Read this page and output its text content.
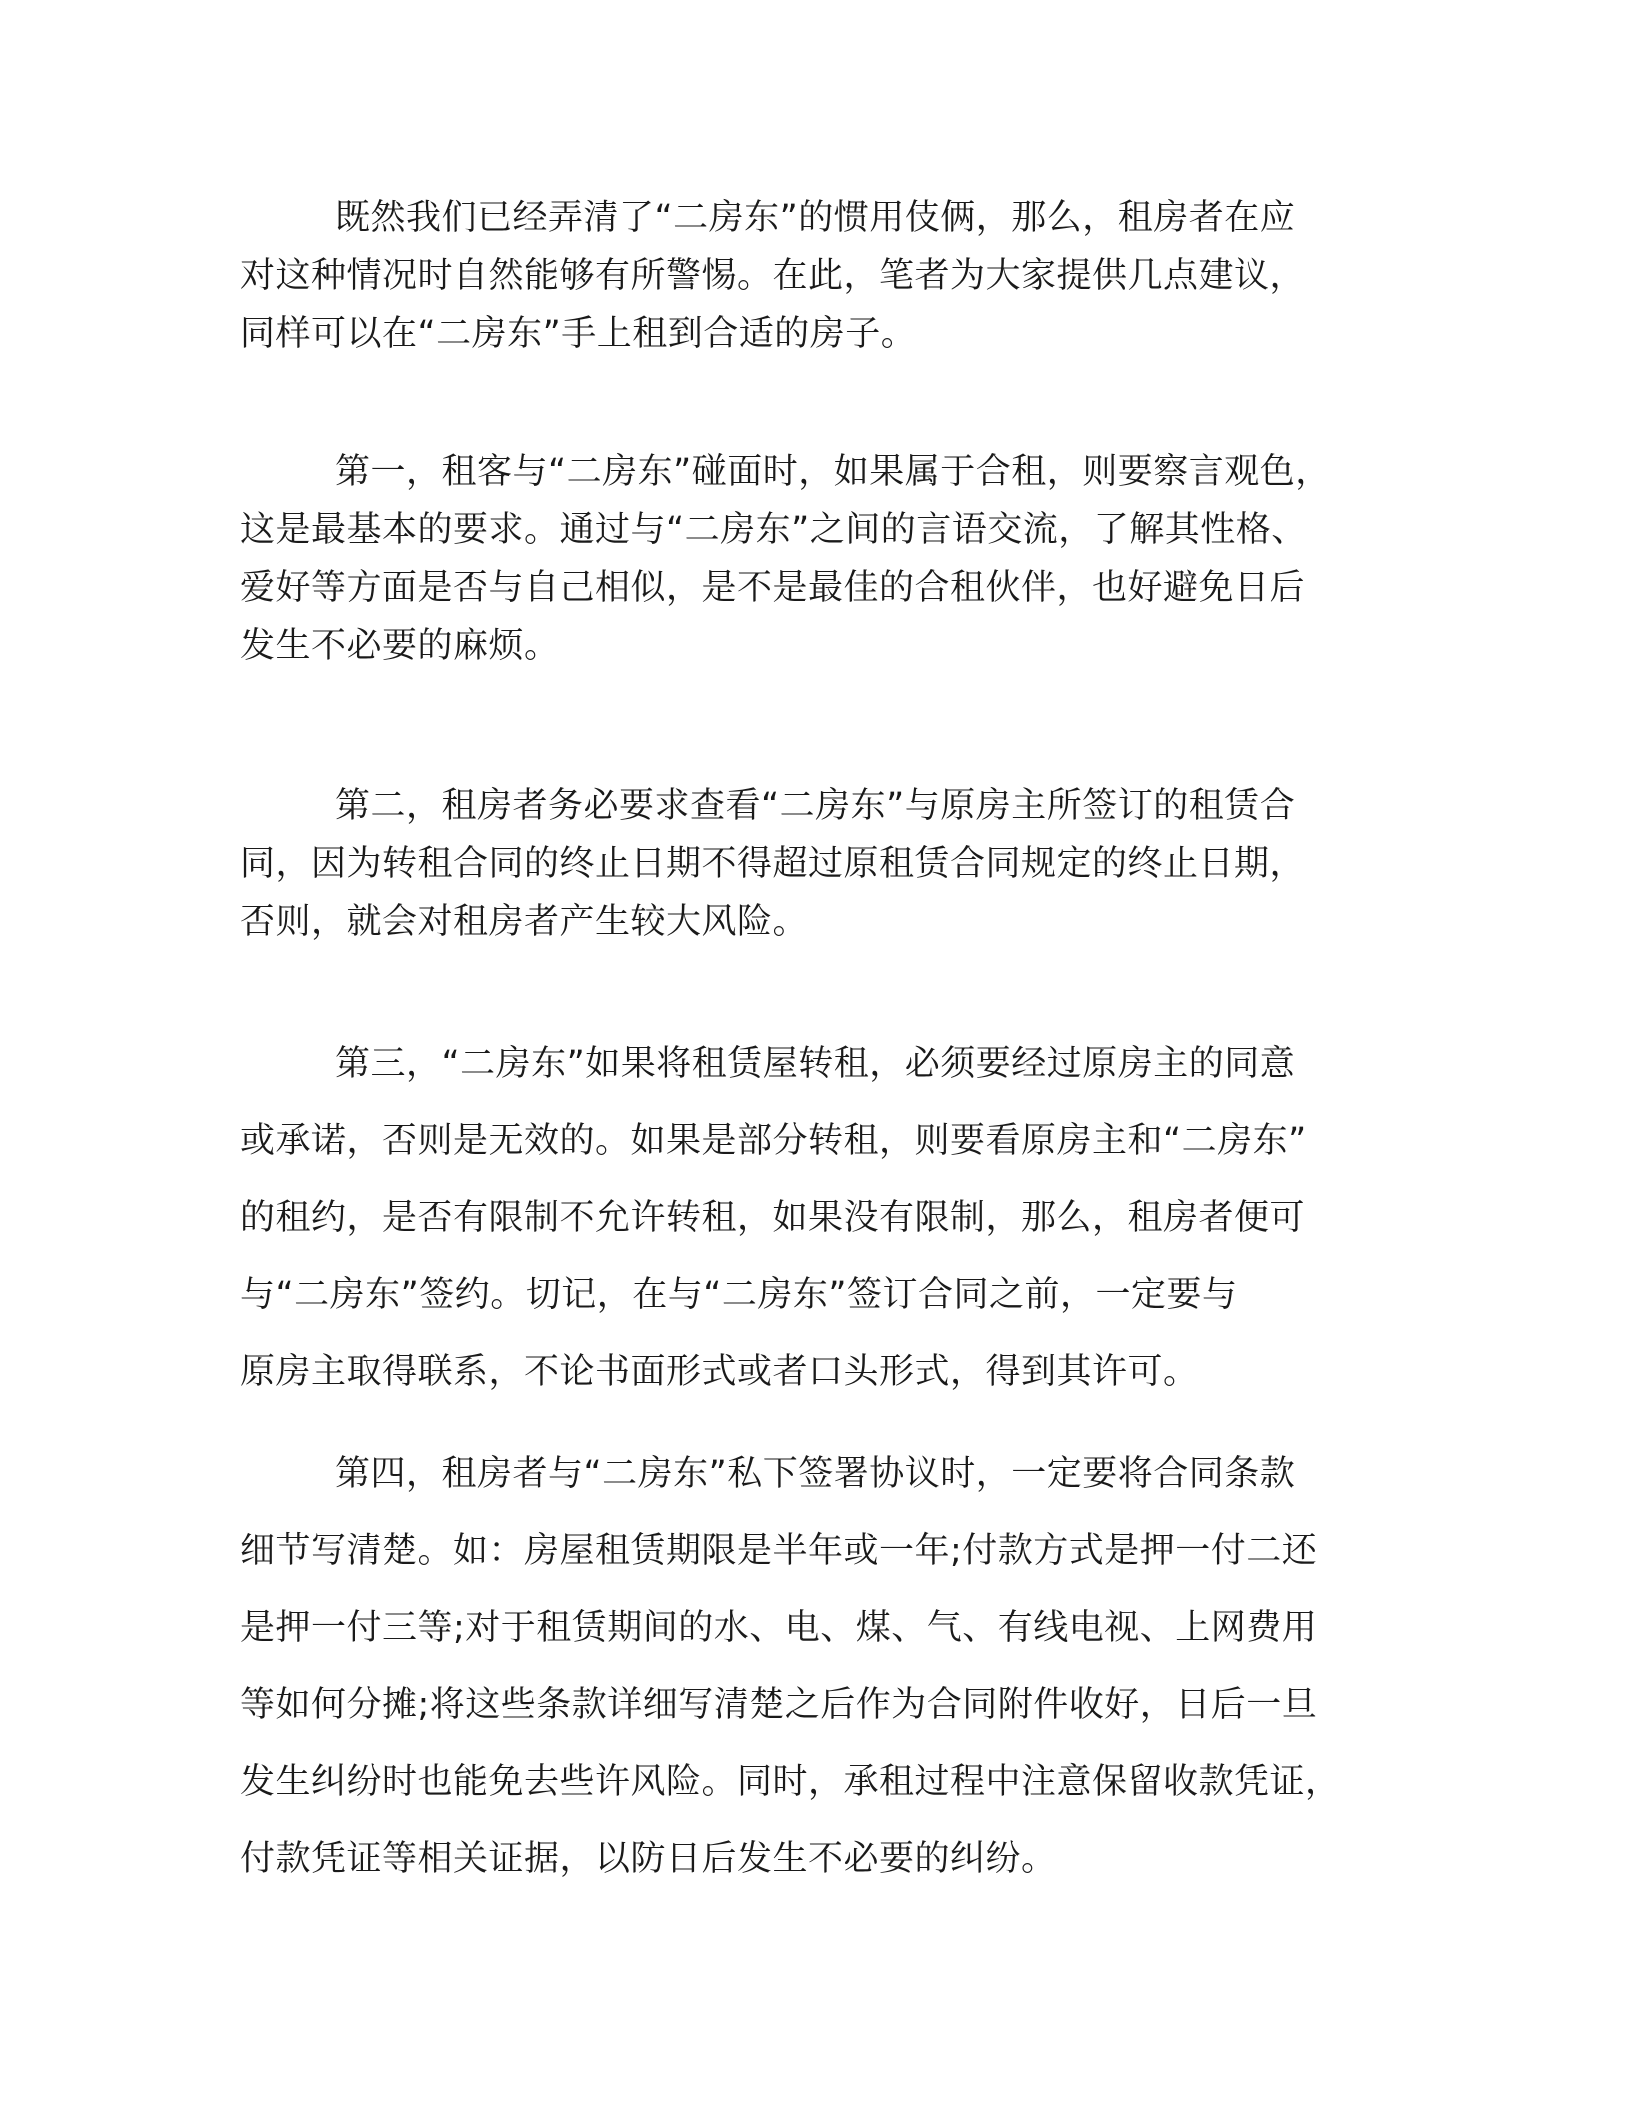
既然我们已经弄清了“二房东”的惯用伎俩，那么，租房者在应
对这种情况时自然能够有所警惕。在此，笔者为大家提供几点建议，
同样可以在“二房东”手上租到合适的房子。
第一，租客与“二房东”碰面时，如果属于合租，则要察言观色，
这是最基本的要求。通过与“二房东”之间的言语交流，了解其性格、
爱好等方面是否与自己相似，是不是最佳的合租伙伴，也好避免日后
发生不必要的麻烦。
第二，租房者务必要求查看“二房东”与原房主所签订的租赁合
同，因为转租合同的终止日期不得超过原租赁合同规定的终止日期，
否则，就会对租房者产生较大风险。
第三，“二房东”如果将租赁屋转租，必须要经过原房主的同意
或承诺，否则是无效的。如果是部分转租，则要看原房主和“二房东”
的租约，是否有限制不允许转租，如果没有限制，那么，租房者便可
与“二房东”签约。切记，在与“二房东”签订合同之前，一定要与
原房主取得联系，不论书面形式或者口头形式，得到其许可。
第四，租房者与“二房东”私下签署协议时，一定要将合同条款
细节写清楚。如：房屋租赁期限是半年或一年;付款方式是押一付二还
是押一付三等;对于租赁期间的水、电、煤、气、有线电视、上网费用
等如何分摊;将这些条款详细写清楚之后作为合同附件收好，日后一旦
发生纠纷时也能免去些许风险。同时，承租过程中注意保留收款凭证，
付款凭证等相关证据，以防日后发生不必要的纠纷。
